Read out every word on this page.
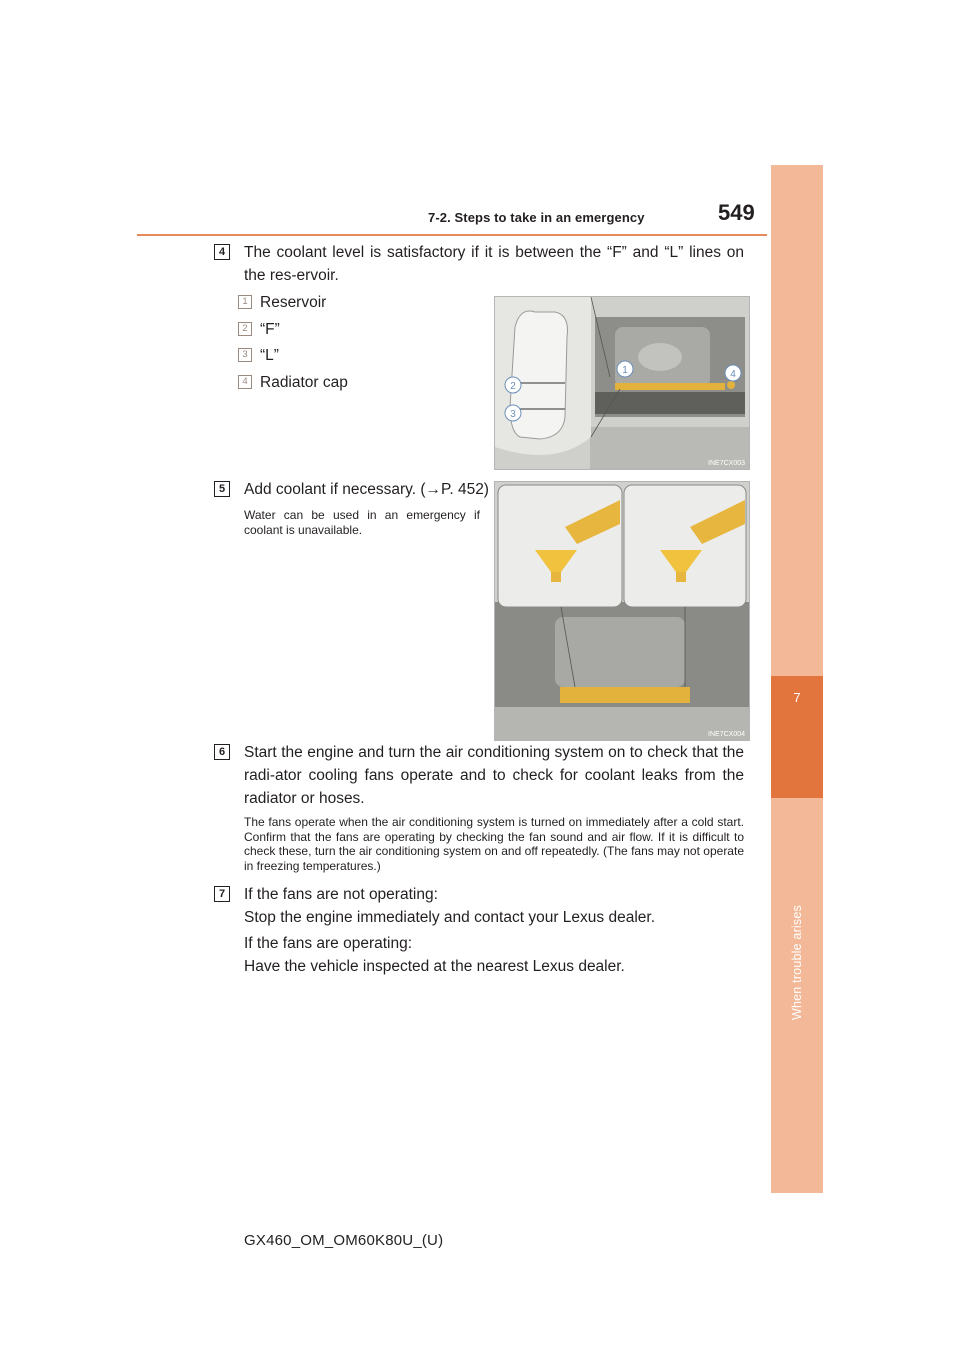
7-2. Steps to take in an emergency	549
7
When trouble arises
4	The coolant level is satisfactory if it is between the “F” and “L” lines on the res-ervoir.
1 Reservoir
2 “F”
3 “L”
4 Radiator cap
1
2
3
4
INE7CX003
5	Add coolant if necessary. (→P. 452)
Water can be used in an emergency if coolant is unavailable.
INE7CX004
6	Start the engine and turn the air conditioning system on to check that the radi-ator cooling fans operate and to check for coolant leaks from the radiator or hoses.
The fans operate when the air conditioning system is turned on immediately after a cold start. Confirm that the fans are operating by checking the fan sound and air flow. If it is difficult to check these, turn the air conditioning system on and off repeatedly. (The fans may not operate in freezing temperatures.)
7	If the fans are not operating:
Stop the engine immediately and contact your Lexus dealer.
If the fans are operating:
Have the vehicle inspected at the nearest Lexus dealer.
GX460_OM_OM60K80U_(U)
